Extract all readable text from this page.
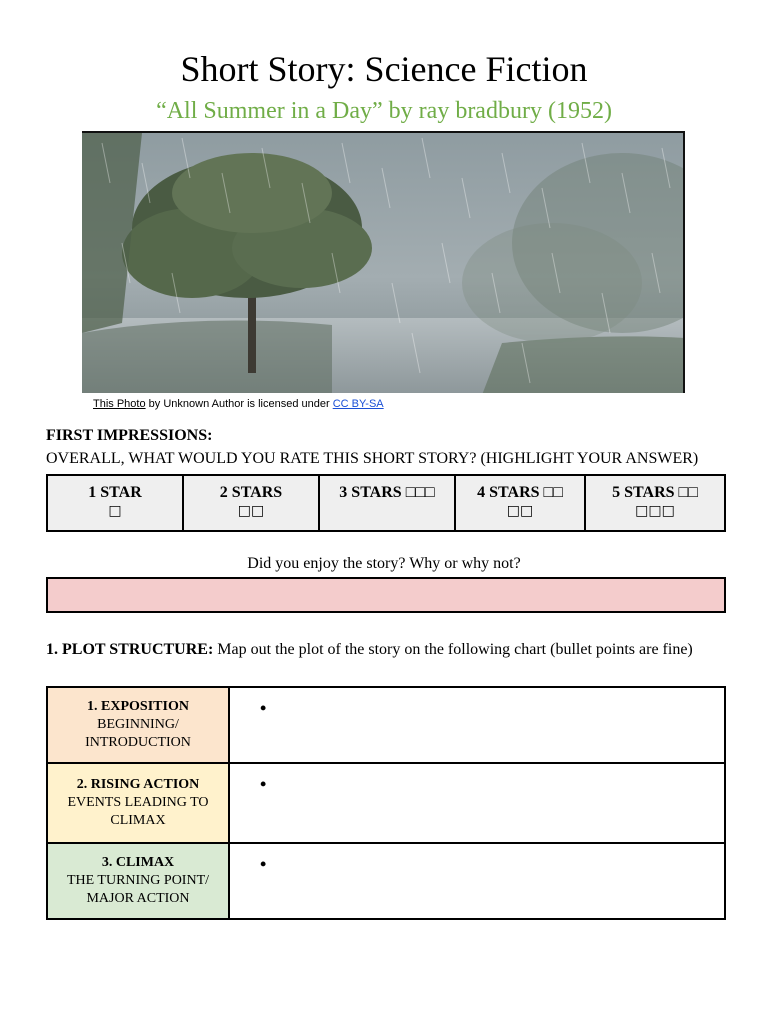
Short Story: Science Fiction
“All Summer in a Day” by ray bradbury (1952)
This Photo by Unknown Author is licensed under CC BY-SA
FIRST IMPRESSIONS:
OVERALL, WHAT WOULD YOU RATE THIS SHORT STORY? (HIGHLIGHT YOUR ANSWER)
1 STAR
□
2 STARS
□□
3 STARS □□□	4 STARS □□
□□
5 STARS □□
□□□
Did you enjoy the story? Why or why not?
1. PLOT STRUCTURE: Map out the plot of the story on the following chart (bullet points are fine)
1. EXPOSITION
BEGINNING/ INTRODUCTION
•
2. RISING ACTION
EVENTS LEADING TO CLIMAX
•
3. CLIMAX
THE TURNING POINT/ MAJOR ACTION
•
